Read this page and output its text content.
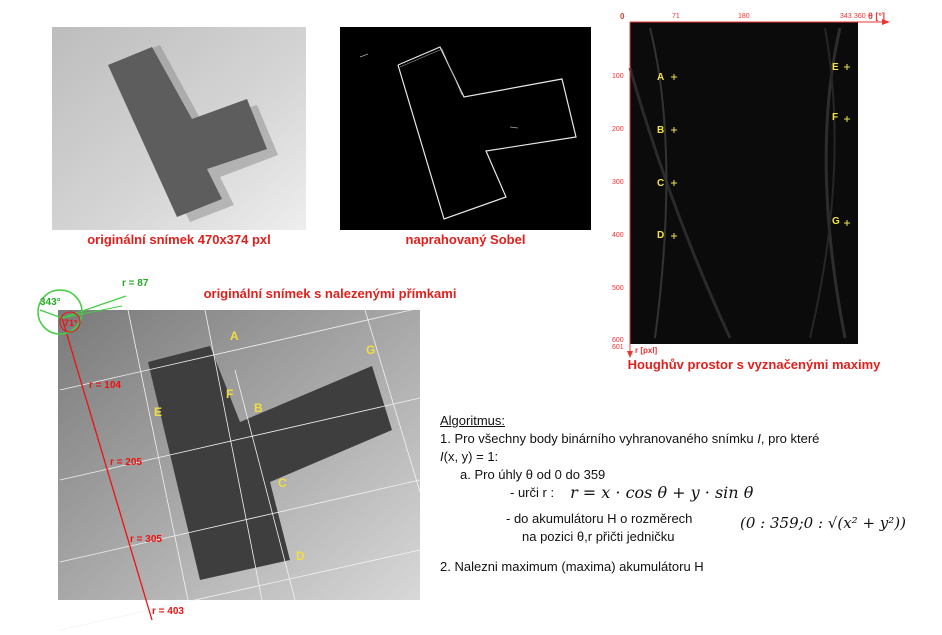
originální snímek 470x374 pxl	naprahovaný Sobel
0	71	180	343 360 θ [°]
100
200
300
400
500
600
601 r [pxl]
A
B
C
D
E
F
G
Houghův prostor s vyznačenými maximy
originální snímek s nalezenými přímkami
r = 104
r = 205
r = 305
r = 403
71°
343°
r = 87
A
B
C
D
E
F
G
Algoritmus:
1. Pro všechny body binárního vyhranovaného snímku I, pro které
I(x, y) = 1:
a. Pro úhly θ od 0 do 359
- urči r : r = x · cos θ + y · sin θ
- do akumulátoru H o rozměrech
na pozici θ,r přičti jedničku
(0 : 359;0 : √(x² + y²))
2. Nalezni maximum (maxima) akumulátoru H
